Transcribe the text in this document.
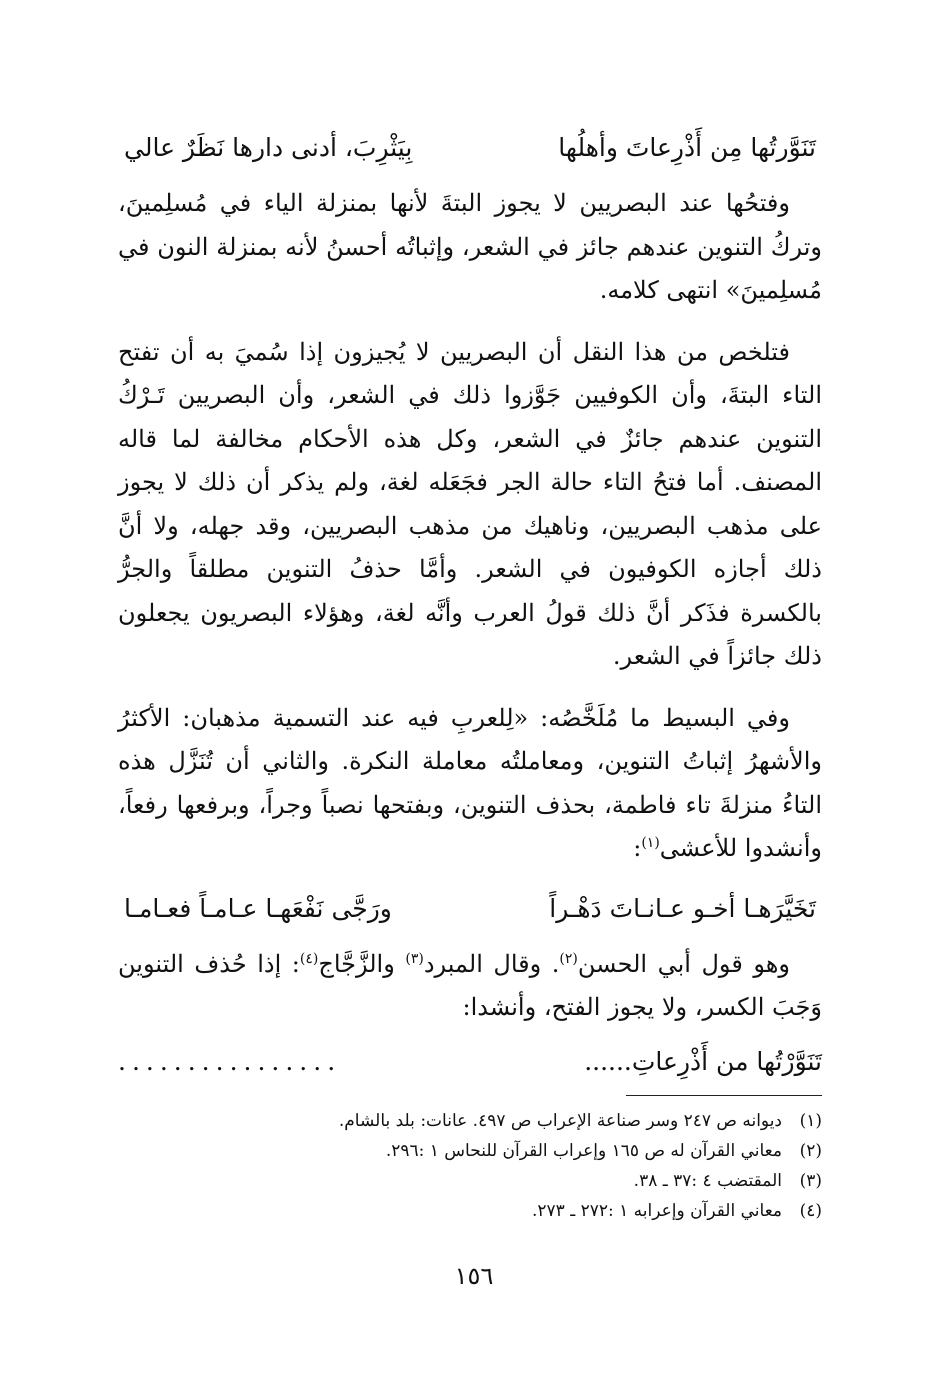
تَنَوَّرتُها مِن أَذْرِعاتَ وأهلُها
بِيَثْرِبَ، أدنى دارها نَظَرٌ عالي

وفتحُها عند البصريين لا يجوز البتةَ لأنها بمنزلة الياء في مُسلِمينَ، وتركُ التنوين عندهم جائز في الشعر، وإثباتُه أحسنُ لأنه بمنزلة النون في مُسلِمينَ» انتهى كلامه.

فتلخص من هذا النقل أن البصريين لا يُجيزون إذا سُميَ به أن تفتح التاء البتةَ، وأن الكوفيين جَوَّزوا ذلك في الشعر، وأن البصريين تَـرْكُ التنوين عندهم جائزٌ في الشعر، وكل هذه الأحكام مخالفة لما قاله المصنف. أما فتحُ التاء حالة الجر فجَعَله لغة، ولم يذكر أن ذلك لا يجوز على مذهب البصريين، وناهيك من مذهب البصريين، وقد جهله، ولا أنَّ ذلك أجازه الكوفيون في الشعر. وأمَّا حذفُ التنوين مطلقاً والجرُّ بالكسرة فذَكر أنَّ ذلك قولُ العرب وأنَّه لغة، وهؤلاء البصريون يجعلون ذلك جائزاً في الشعر.

وفي البسيط ما مُلَخَّصُه: «لِلعربِ فيه عند التسمية مذهبان: الأكثرُ والأشهرُ إثباتُ التنوين، ومعاملتُه معاملة النكرة. والثاني أن تُنَزَّل هذه التاءُ منزلةَ تاء فاطمة، بحذف التنوين، وبفتحها نصباً وجراً، وبرفعها رفعاً، وأنشدوا للأعشى$^{(١)}$:

تَخَيَّرَهـا أخـو عـانـاتَ دَهْـراً
ورَجَّى نَفْعَهـا عـامـاً فعـامـا

وهو قول أبي الحسن$^{(٢)}$. وقال المبرد$^{(٣)}$ والزَّجَّاج$^{(٤)}$: إذا حُذف التنوين وَجَبَ الكسر، ولا يجوز الفتح، وأنشدا:

تَنَوَّرْتُها من أَذْرِعاتِ......
................
(١)ديوانه ص ٢٤٧ وسر صناعة الإعراب ص ٤٩٧. عانات: بلد بالشام.
(٢)معاني القرآن له ص ١٦٥ وإعراب القرآن للنحاس ١ :٢٩٦.
(٣)المقتضب ٤ :٣٧ ـ ٣٨.
(٤)معاني القرآن وإعرابه ١ :٢٧٢ ـ ٢٧٣.
١٥٦
